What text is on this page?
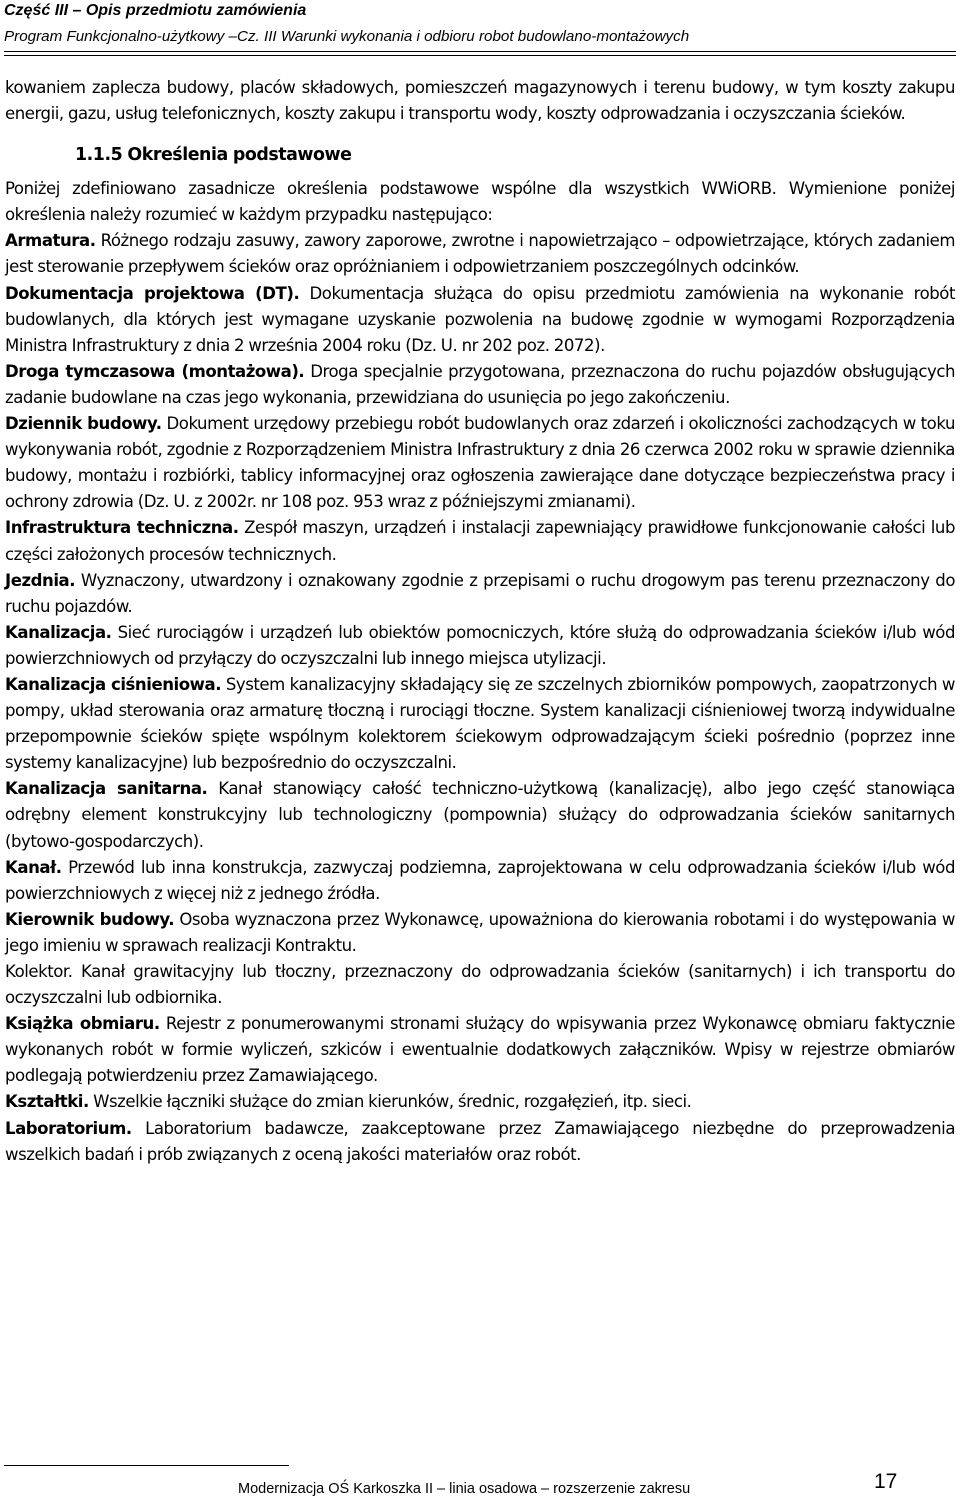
Część III – Opis przedmiotu zamówienia
Program Funkcjonalno-użytkowy –Cz. III Warunki wykonania i odbioru robot budowlano-montażowych

kowaniem zaplecza budowy, placów składowych, pomieszczeń magazynowych i terenu budowy, w tym koszty zakupu energii, gazu, usług telefonicznych, koszty zakupu i transportu wody, koszty odprowadzania i oczyszczania ścieków.

1.1.5 Określenia podstawowe

Poniżej zdefiniowano zasadnicze określenia podstawowe wspólne dla wszystkich WWiORB. Wymienione poniżej określenia należy rozumieć w każdym przypadku następująco:

Armatura. Różnego rodzaju zasuwy, zawory zaporowe, zwrotne i napowietrzająco – odpowietrzające, których zadaniem jest sterowanie przepływem ścieków oraz opróżnianiem i odpowietrzaniem poszczególnych odcinków.

Dokumentacja projektowa (DT). Dokumentacja służąca do opisu przedmiotu zamówienia na wykonanie robót budowlanych, dla których jest wymagane uzyskanie pozwolenia na budowę zgodnie w wymogami Rozporządzenia Ministra Infrastruktury z dnia 2 września 2004 roku (Dz. U. nr 202 poz. 2072).

Droga tymczasowa (montażowa). Droga specjalnie przygotowana, przeznaczona do ruchu pojazdów obsługujących zadanie budowlane na czas jego wykonania, przewidziana do usunięcia po jego zakończeniu.

Dziennik budowy. Dokument urzędowy przebiegu robót budowlanych oraz zdarzeń i okoliczności zachodzących w toku wykonywania robót, zgodnie z Rozporządzeniem Ministra Infrastruktury z dnia 26 czerwca 2002 roku w sprawie dziennika budowy, montażu i rozbiórki, tablicy informacyjnej oraz ogłoszenia zawierające dane dotyczące bezpieczeństwa pracy i ochrony zdrowia (Dz. U. z 2002r. nr 108 poz. 953 wraz z późniejszymi zmianami).

Infrastruktura techniczna. Zespół maszyn, urządzeń i instalacji zapewniający prawidłowe funkcjonowanie całości lub części założonych procesów technicznych.

Jezdnia. Wyznaczony, utwardzony i oznakowany zgodnie z przepisami o ruchu drogowym pas terenu przeznaczony do ruchu pojazdów.

Kanalizacja. Sieć rurociągów i urządzeń lub obiektów pomocniczych, które służą do odprowadzania ścieków i/lub wód powierzchniowych od przyłączy do oczyszczalni lub innego miejsca utylizacji.

Kanalizacja ciśnieniowa. System kanalizacyjny składający się ze szczelnych zbiorników pompowych, zaopatrzonych w pompy, układ sterowania oraz armaturę tłoczną i rurociągi tłoczne. System kanalizacji ciśnieniowej tworzą indywidualne przepompownie ścieków spięte wspólnym kolektorem ściekowym odprowadzającym ścieki pośrednio (poprzez inne systemy kanalizacyjne) lub bezpośrednio do oczyszczalni.

Kanalizacja sanitarna. Kanał stanowiący całość techniczno-użytkową (kanalizację), albo jego część stanowiąca odrębny element konstrukcyjny lub technologiczny (pompownia) służący do odprowadzania ścieków sanitarnych (bytowo-gospodarczych).

Kanał. Przewód lub inna konstrukcja, zazwyczaj podziemna, zaprojektowana w celu odprowadzania ścieków i/lub wód powierzchniowych z więcej niż z jednego źródła.

Kierownik budowy. Osoba wyznaczona przez Wykonawcę, upoważniona do kierowania robotami i do występowania w jego imieniu w sprawach realizacji Kontraktu.

Kolektor. Kanał grawitacyjny lub tłoczny, przeznaczony do odprowadzania ścieków (sanitarnych) i ich transportu do oczyszczalni lub odbiornika.

Książka obmiaru. Rejestr z ponumerowanymi stronami służący do wpisywania przez Wykonawcę obmiaru faktycznie wykonanych robót w formie wyliczeń, szkiców i ewentualnie dodatkowych załączników. Wpisy w rejestrze obmiarów podlegają potwierdzeniu przez Zamawiającego.

Kształtki. Wszelkie łączniki służące do zmian kierunków, średnic, rozgałęzień, itp. sieci.

Laboratorium. Laboratorium badawcze, zaakceptowane przez Zamawiającego niezbędne do przeprowadzenia wszelkich badań i prób związanych z oceną jakości materiałów oraz robót.

Modernizacja OŚ Karkoszka II – linia osadowa – rozszerzenie zakresu	17
